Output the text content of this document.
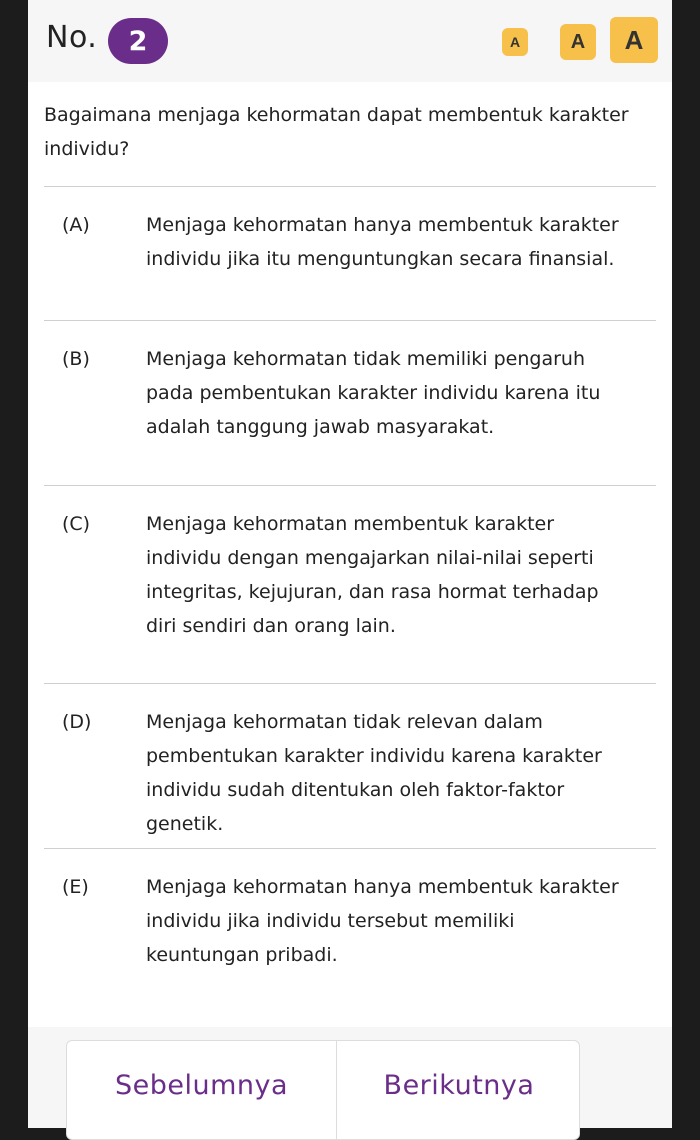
No.	2	A	A	A
Bagaimana menjaga kehormatan dapat membentuk karakter individu?
(A)	Menjaga kehormatan hanya membentuk karakter individu jika itu menguntungkan secara finansial.
(B)	Menjaga kehormatan tidak memiliki pengaruh pada pembentukan karakter individu karena itu adalah tanggung jawab masyarakat.
(C)	Menjaga kehormatan membentuk karakter individu dengan mengajarkan nilai-nilai seperti integritas, kejujuran, dan rasa hormat terhadap diri sendiri dan orang lain.
(D)	Menjaga kehormatan tidak relevan dalam pembentukan karakter individu karena karakter individu sudah ditentukan oleh faktor-faktor genetik.
(E)	Menjaga kehormatan hanya membentuk karakter individu jika individu tersebut memiliki keuntungan pribadi.
Sebelumnya	Berikutnya
